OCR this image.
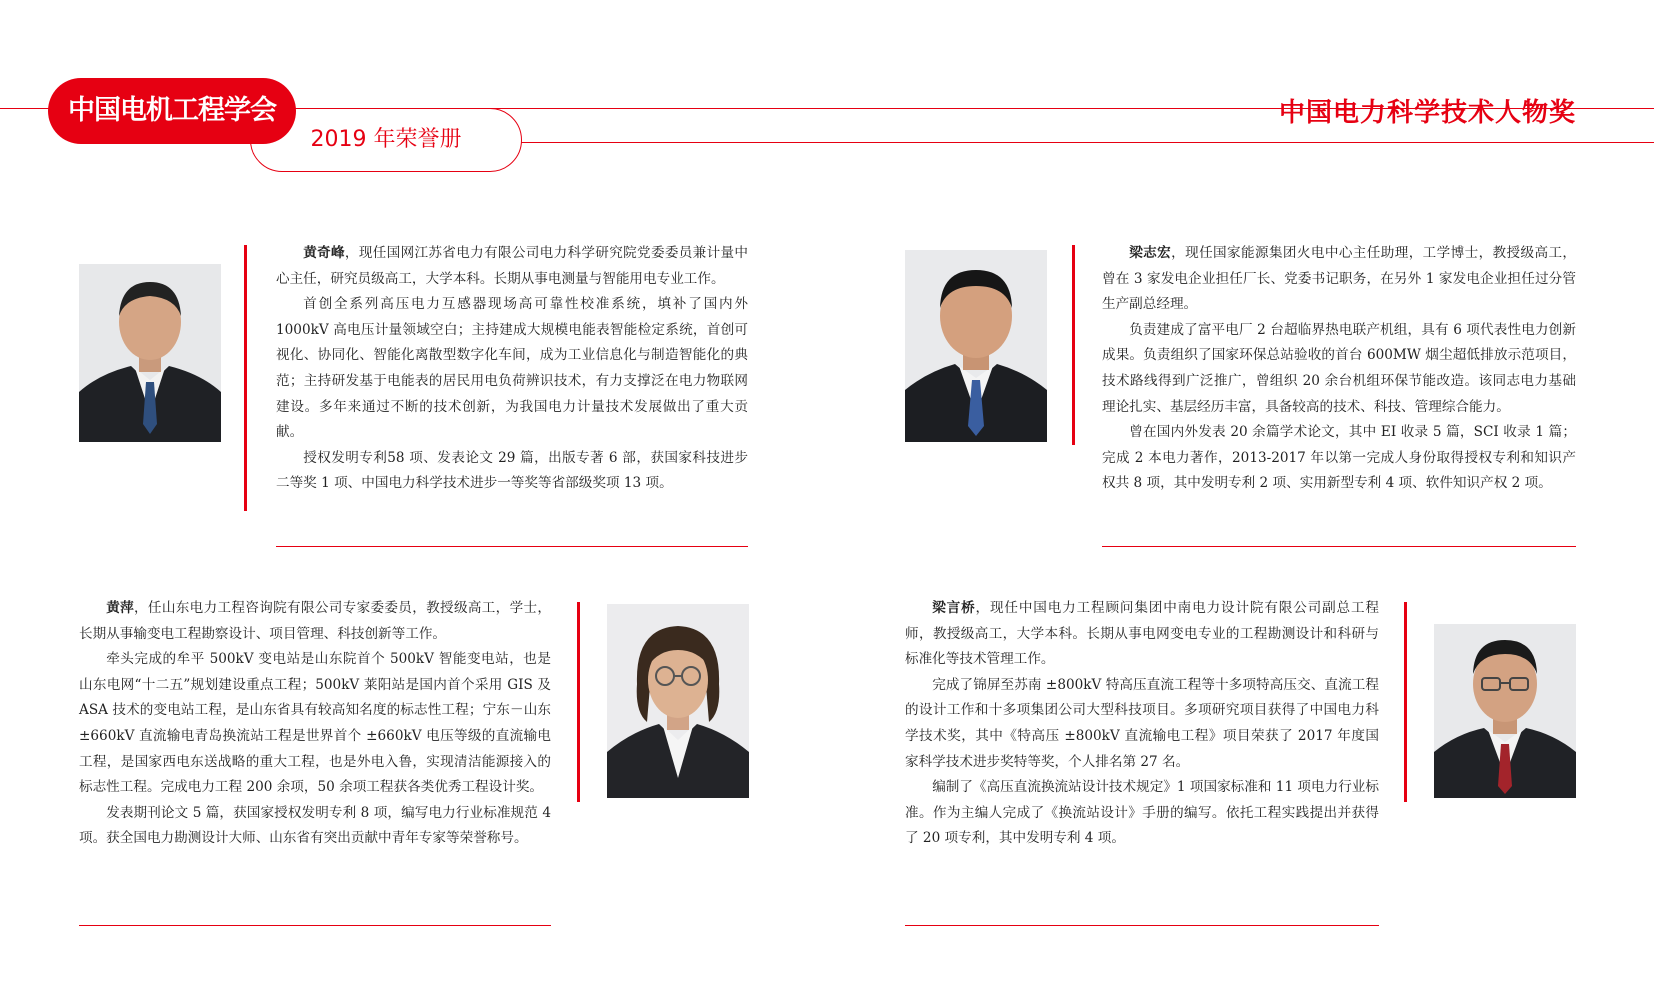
2019 年荣誉册
中国电机工程学会	中国电力科学技术人物奖

黄奇峰，现任国网江苏省电力有限公司电力科学研究院党委委员兼计量中心主任，研究员级高工，大学本科。长期从事电测量与智能用电专业工作。

首创全系列高压电力互感器现场高可靠性校准系统，填补了国内外1000kV 高电压计量领域空白；主持建成大规模电能表智能检定系统，首创可视化、协同化、智能化离散型数字化车间，成为工业信息化与制造智能化的典范；主持研发基于电能表的居民用电负荷辨识技术，有力支撑泛在电力物联网建设。多年来通过不断的技术创新，为我国电力计量技术发展做出了重大贡献。

授权发明专利58 项、发表论文 29 篇，出版专著 6 部，获国家科技进步二等奖 1 项、中国电力科学技术进步一等奖等省部级奖项 13 项。

梁志宏，现任国家能源集团火电中心主任助理，工学博士，教授级高工，曾在 3 家发电企业担任厂长、党委书记职务，在另外 1 家发电企业担任过分管生产副总经理。

负责建成了富平电厂 2 台超临界热电联产机组，具有 6 项代表性电力创新成果。负责组织了国家环保总站验收的首台 600MW 烟尘超低排放示范项目，技术路线得到广泛推广，曾组织 20 余台机组环保节能改造。该同志电力基础理论扎实、基层经历丰富，具备较高的技术、科技、管理综合能力。

曾在国内外发表 20 余篇学术论文，其中 EI 收录 5 篇，SCI 收录 1 篇；完成 2 本电力著作，2013-2017 年以第一完成人身份取得授权专利和知识产权共 8 项，其中发明专利 2 项、实用新型专利 4 项、软件知识产权 2 项。

黄萍，任山东电力工程咨询院有限公司专家委委员，教授级高工，学士，长期从事输变电工程勘察设计、项目管理、科技创新等工作。

牵头完成的牟平 500kV 变电站是山东院首个 500kV 智能变电站，也是山东电网“十二五”规划建设重点工程；500kV 莱阳站是国内首个采用 GIS 及 ASA 技术的变电站工程，是山东省具有较高知名度的标志性工程；宁东－山东 ±660kV 直流输电青岛换流站工程是世界首个 ±660kV 电压等级的直流输电工程，是国家西电东送战略的重大工程，也是外电入鲁，实现清洁能源接入的标志性工程。完成电力工程 200 余项，50 余项工程获各类优秀工程设计奖。

发表期刊论文 5 篇，获国家授权发明专利 8 项，编写电力行业标准规范 4 项。获全国电力勘测设计大师、山东省有突出贡献中青年专家等荣誉称号。

梁言桥，现任中国电力工程顾问集团中南电力设计院有限公司副总工程师，教授级高工，大学本科。长期从事电网变电专业的工程勘测设计和科研与标准化等技术管理工作。

完成了锦屏至苏南 ±800kV 特高压直流工程等十多项特高压交、直流工程的设计工作和十多项集团公司大型科技项目。多项研究项目获得了中国电力科学技术奖，其中《特高压 ±800kV 直流输电工程》项目荣获了 2017 年度国家科学技术进步奖特等奖，个人排名第 27 名。

编制了《高压直流换流站设计技术规定》1 项国家标准和 11 项电力行业标准。作为主编人完成了《换流站设计》手册的编写。依托工程实践提出并获得了 20 项专利，其中发明专利 4 项。
